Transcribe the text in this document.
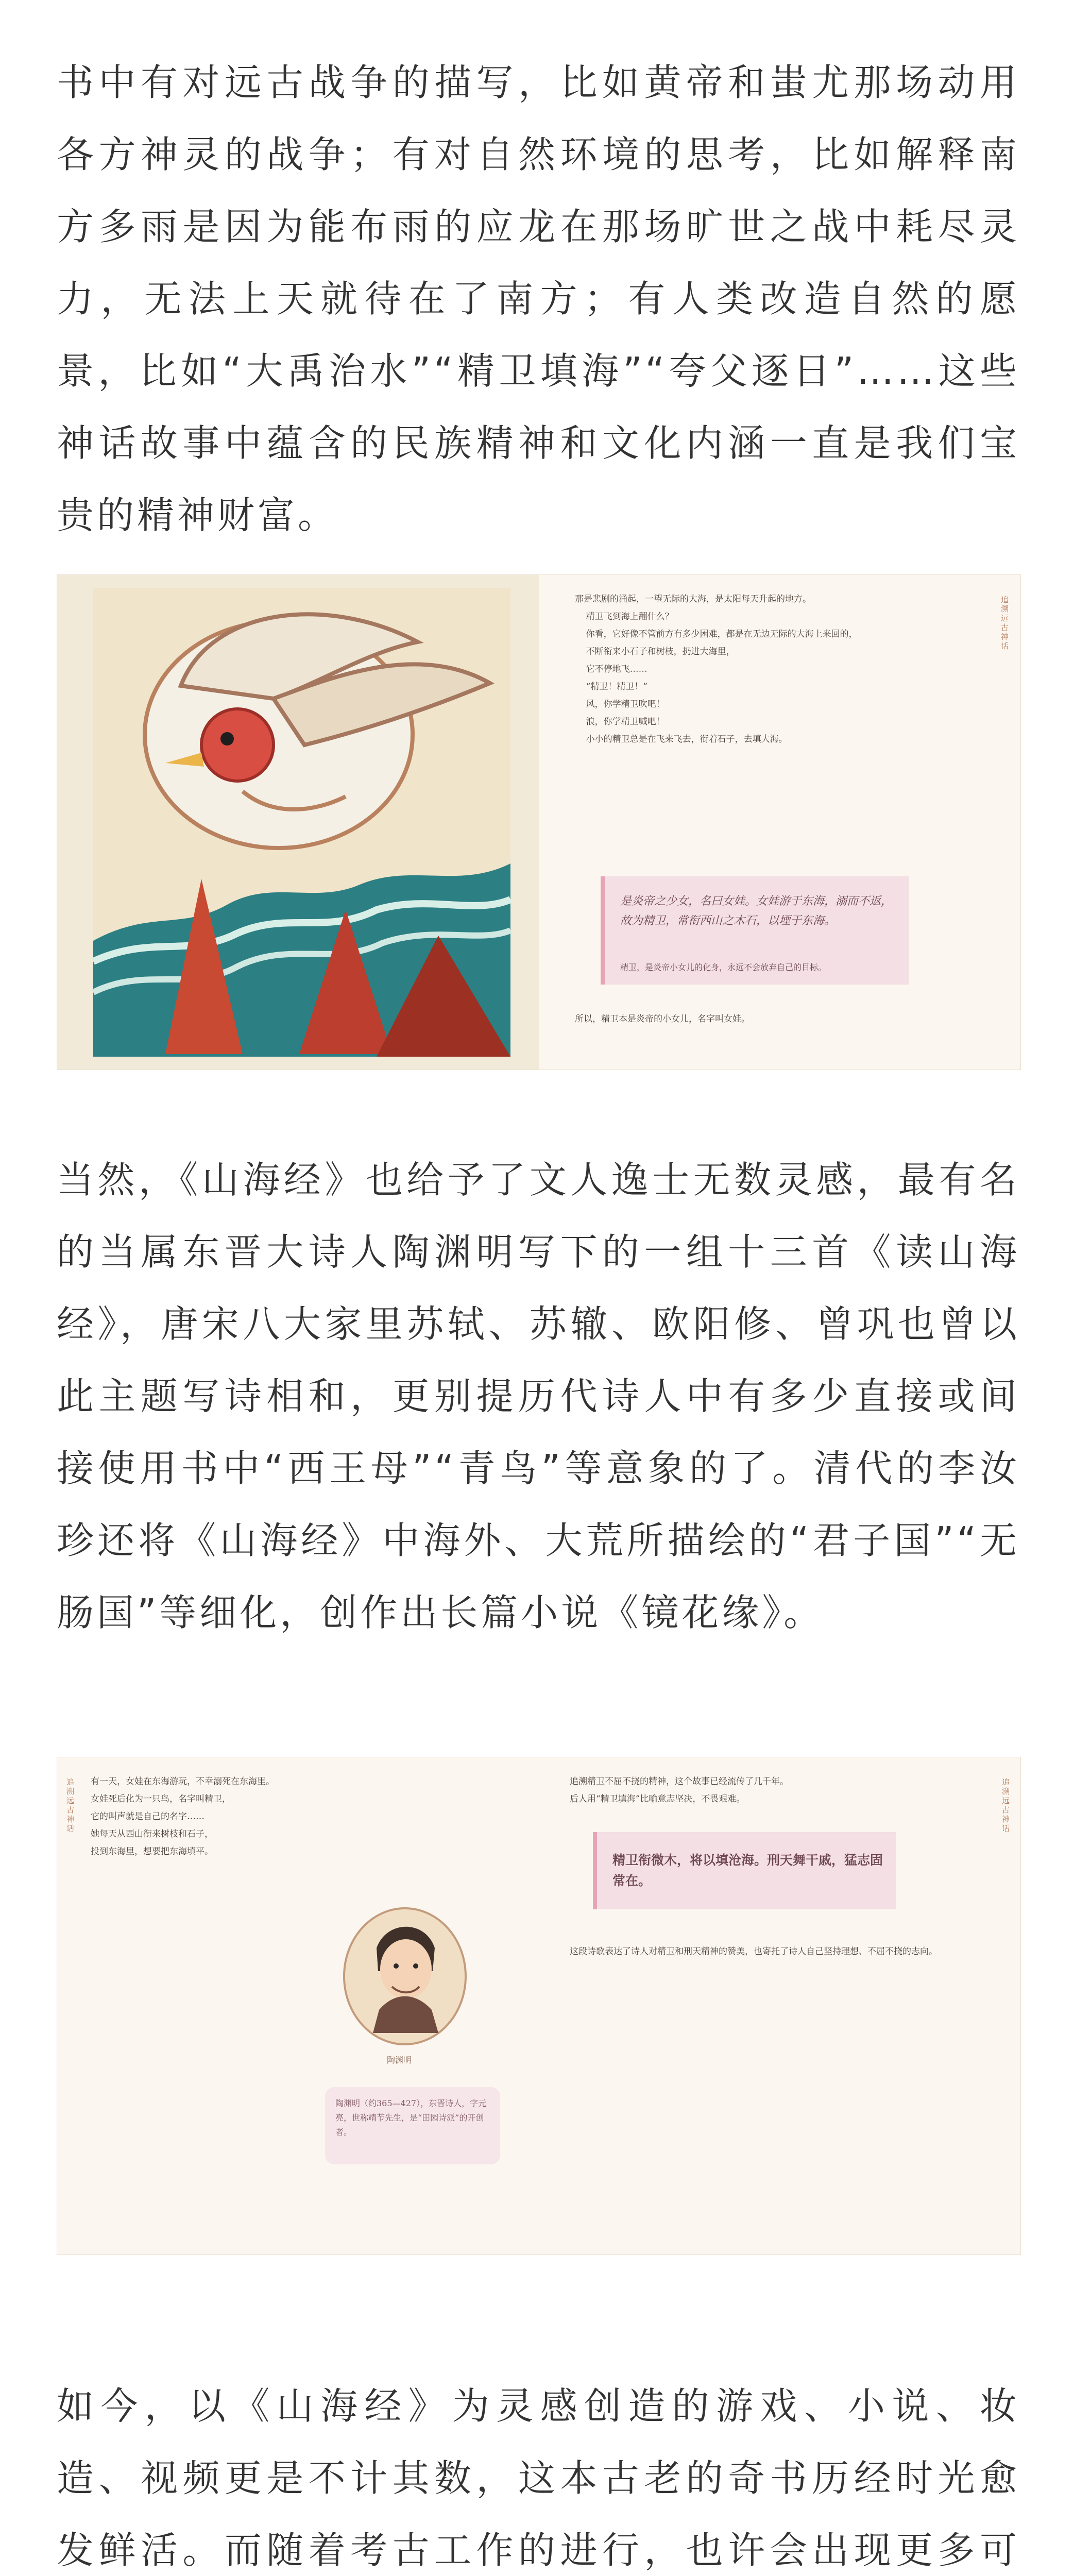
书中有对远古战争的描写，比如黄帝和蚩尤那场动用各方神灵的战争；有对自然环境的思考，比如解释南方多雨是因为能布雨的应龙在那场旷世之战中耗尽灵力，无法上天就待在了南方；有人类改造自然的愿景，比如“大禹治水”“精卫填海”“夸父逐日”……这些神话故事中蕴含的民族精神和文化内涵一直是我们宝贵的精神财富。

那是悲剧的涌起，一望无际的大海，是太阳每天升起的地方。
精卫飞到海上翻什么？
你看，它好像不管前方有多少困难，都是在无边无际的大海上来回的，
不断衔来小石子和树枝，扔进大海里，
它不停地飞……
“精卫！精卫！”
风，你学精卫吹吧！
浪，你学精卫喊吧！
小小的精卫总是在飞来飞去，衔着石子，去填大海。
是炎帝之少女，名曰女娃。女娃游于东海，溺而不返，故为精卫，常衔西山之木石，以堙于东海。
精卫，是炎帝小女儿的化身，永远不会放弃自己的目标。
所以，精卫本是炎帝的小女儿，名字叫女娃。
追溯远古神话

当然，《山海经》也给予了文人逸士无数灵感，最有名的当属东晋大诗人陶渊明写下的一组十三首《读山海经》，唐宋八大家里苏轼、苏辙、欧阳修、曾巩也曾以此主题写诗相和，更别提历代诗人中有多少直接或间接使用书中“西王母”“青鸟”等意象的了。清代的李汝珍还将《山海经》中海外、大荒所描绘的“君子国”“无肠国”等细化，创作出长篇小说《镜花缘》。

追溯远古神话 有一天，女娃在东海游玩，不幸溺死在东海里。
女娃死后化为一只鸟，名字叫精卫，
它的叫声就是自己的名字……
她每天从西山衔来树枝和石子，
投到东海里，想要把东海填平。
陶渊明
陶渊明（约365—427），东晋诗人，字元亮，世称靖节先生，是“田园诗派”的开创者。
追溯精卫不屈不挠的精神，这个故事已经流传了几千年。
后人用“精卫填海”比喻意志坚决，不畏艰难。
精卫衔微木，将以填沧海。刑天舞干戚，猛志固常在。
这段诗歌表达了诗人对精卫和刑天精神的赞美，也寄托了诗人自己坚持理想、不屈不挠的志向。
追溯远古神话

如今，以《山海经》为灵感创造的游戏、小说、妆造、视频更是不计其数，这本古老的奇书历经时光愈发鲜活。而随着考古工作的进行，也许会出现更多可
